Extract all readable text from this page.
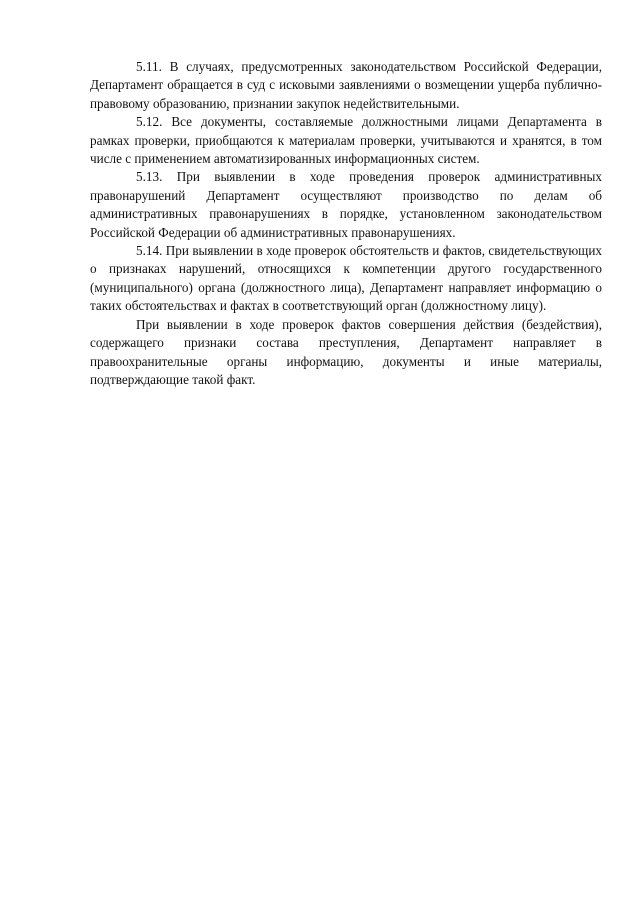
5.11. В случаях, предусмотренных законодательством Российской Федерации, Департамент обращается в суд с исковыми заявлениями о возмещении ущерба публично-правовому образованию, признании закупок недействительными.

5.12. Все документы, составляемые должностными лицами Департамента в рамках проверки, приобщаются к материалам проверки, учитываются и хранятся, в том числе с применением автоматизированных информационных систем.

5.13. При выявлении в ходе проведения проверок административных правонарушений Департамент осуществляют производство по делам об административных правонарушениях в порядке, установленном законодательством Российской Федерации об административных правонарушениях.

5.14. При выявлении в ходе проверок обстоятельств и фактов, свидетельствующих о признаках нарушений, относящихся к компетенции другого государственного (муниципального) органа (должностного лица), Департамент направляет информацию о таких обстоятельствах и фактах в соответствующий орган (должностному лицу).

При выявлении в ходе проверок фактов совершения действия (бездействия), содержащего признаки состава преступления, Департамент направляет в правоохранительные органы информацию, документы и иные материалы, подтверждающие такой факт.
